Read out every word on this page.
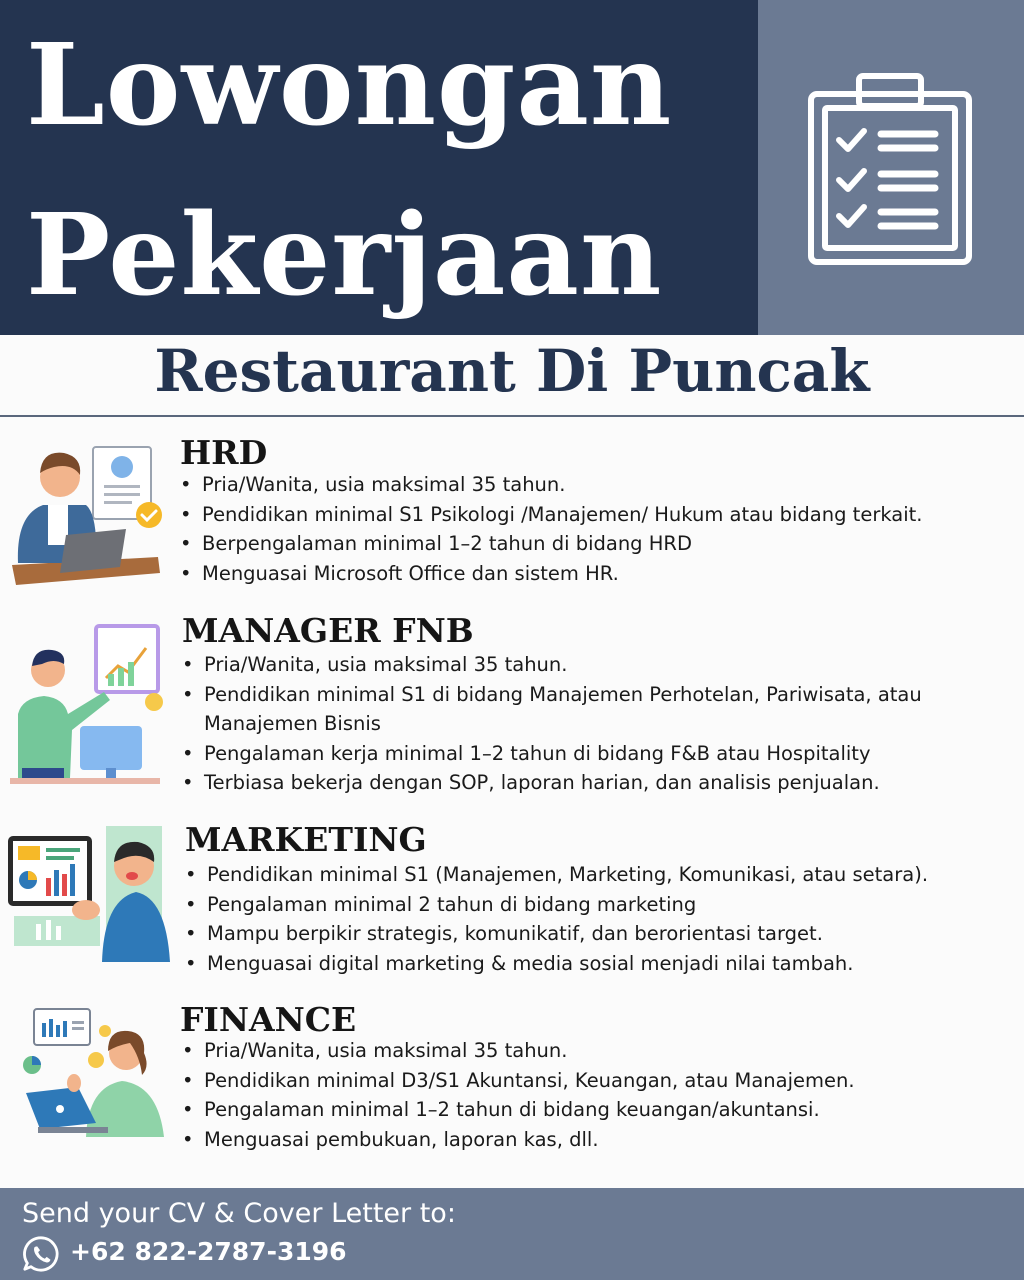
Lowongan
Pekerjaan
Restaurant Di Puncak
HRD
• Pria/Wanita, usia maksimal 35 tahun.
• Pendidikan minimal S1 Psikologi /Manajemen/ Hukum atau bidang terkait.
• Berpengalaman minimal 1–2 tahun di bidang HRD
• Menguasai Microsoft Office dan sistem HR.
MANAGER FNB
• Pria/Wanita, usia maksimal 35 tahun.
• Pendidikan minimal S1 di bidang Manajemen Perhotelan, Pariwisata, atau Manajemen Bisnis
• Pengalaman kerja minimal 1–2 tahun di bidang F&B atau Hospitality
• Terbiasa bekerja dengan SOP, laporan harian, dan analisis penjualan.
MARKETING
• Pendidikan minimal S1 (Manajemen, Marketing, Komunikasi, atau setara).
• Pengalaman minimal 2 tahun di bidang marketing
• Mampu berpikir strategis, komunikatif, dan berorientasi target.
• Menguasai digital marketing & media sosial menjadi nilai tambah.
FINANCE
• Pria/Wanita, usia maksimal 35 tahun.
• Pendidikan minimal D3/S1 Akuntansi, Keuangan, atau Manajemen.
• Pengalaman minimal 1–2 tahun di bidang keuangan/akuntansi.
• Menguasai pembukuan, laporan kas, dll.
Send your CV & Cover Letter to:
+62 822-2787-3196
